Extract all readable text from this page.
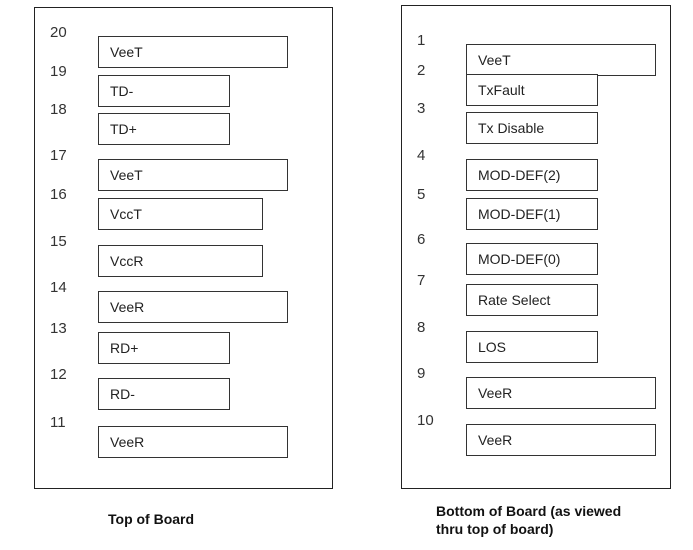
20
VeeT
19
TD-
18
TD+
17
VeeT
16
VccT
15
VccR
14
VeeR
13
RD+
12
RD-
11
VeeR
1
VeeT
2
TxFault
3
Tx Disable
4
MOD-DEF(2)
5
MOD-DEF(1)
6
MOD-DEF(0)
7
Rate Select
8
LOS
9
VeeR
10
VeeR
Top of Board	Bottom of Board (as viewed
thru top of board)
